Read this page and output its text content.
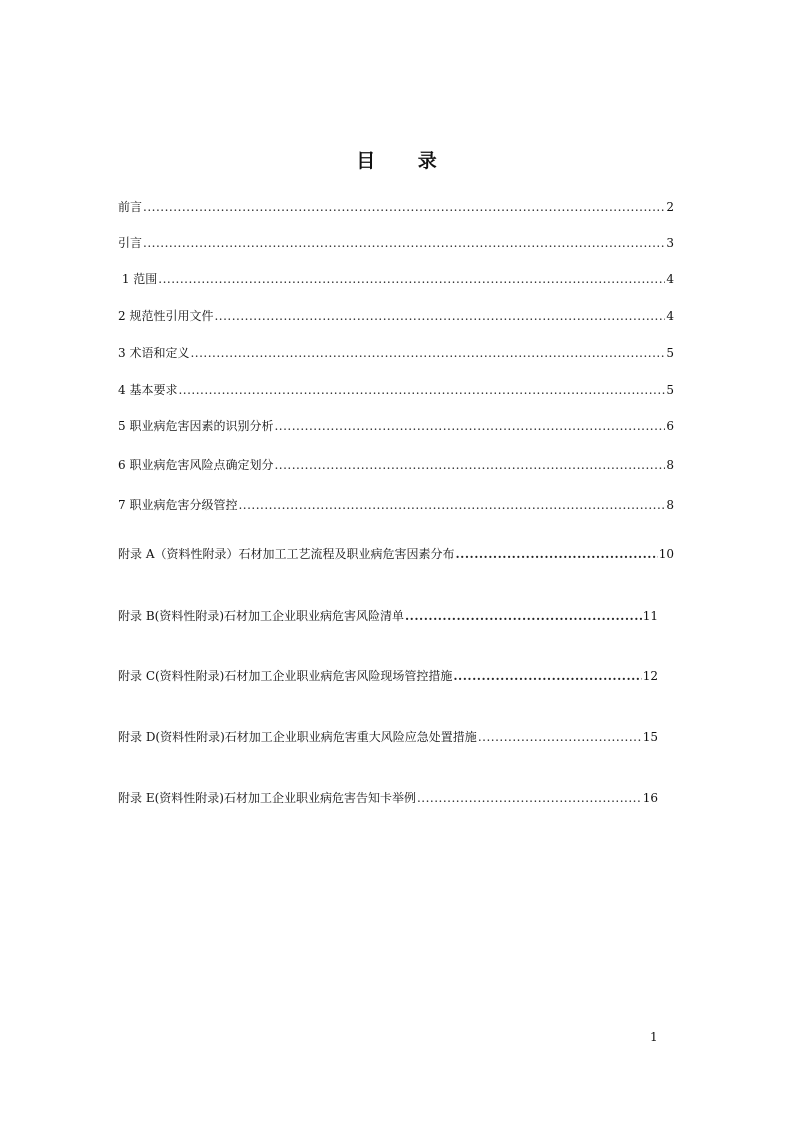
目 录
前言 .....	2
引言 .....	3
1 范围 .....	4
2 规范性引用文件 .....	4
3 术语和定义 .....	5
4 基本要求 .....	5
5 职业病危害因素的识别分析 .....	6
6 职业病危害风险点确定划分 .....	8
7 职业病危害分级管控 .....	8
附录 A（资料性附录）石材加工工艺流程及职业病危害因素分布 .....	10
附录 B(资料性附录)石材加工企业职业病危害风险清单 .....	11
附录 C(资料性附录)石材加工企业职业病危害风险现场管控措施 .....	12
附录 D(资料性附录)石材加工企业职业病危害重大风险应急处置措施 .....	15
附录 E(资料性附录)石材加工企业职业病危害告知卡举例 .....	16
1
